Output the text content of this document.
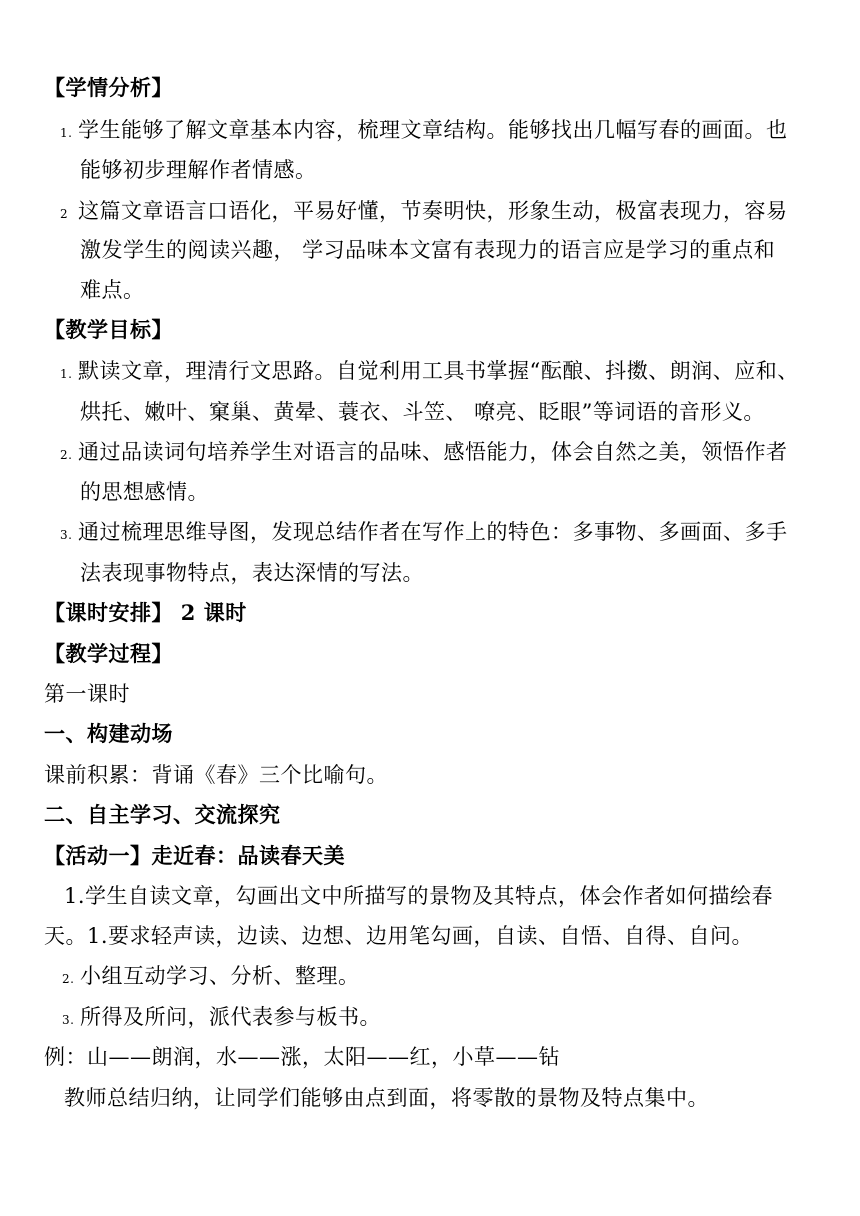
【学情分析】
1. 学生能够了解文章基本内容，梳理文章结构。能够找出几幅写春的画面。也
能够初步理解作者情感。
2 这篇文章语言口语化，平易好懂，节奏明快，形象生动，极富表现力，容易
激发学生的阅读兴趣， 学习品味本文富有表现力的语言应是学习的重点和
难点。
【教学目标】
1. 默读文章，理清行文思路。自觉利用工具书掌握“酝酿、抖擞、朗润、应和、
烘托、嫩叶、窠巢、黄晕、蓑衣、斗笠、 嘹亮、眨眼”等词语的音形义。
2. 通过品读词句培养学生对语言的品味、感悟能力，体会自然之美，领悟作者
的思想感情。
3. 通过梳理思维导图，发现总结作者在写作上的特色：多事物、多画面、多手
法表现事物特点，表达深情的写法。
【课时安排】 2 课时
【教学过程】
第一课时
一、构建动场
课前积累：背诵《春》三个比喻句。
二、自主学习、交流探究
【活动一】走近春：品读春天美
1.学生自读文章，勾画出文中所描写的景物及其特点，体会作者如何描绘春
天。1.要求轻声读，边读、边想、边用笔勾画，自读、自悟、自得、自问。
2. 小组互动学习、分析、整理。
3. 所得及所问，派代表参与板书。
例：山——朗润，水——涨，太阳——红，小草——钻
教师总结归纳，让同学们能够由点到面，将零散的景物及特点集中。
